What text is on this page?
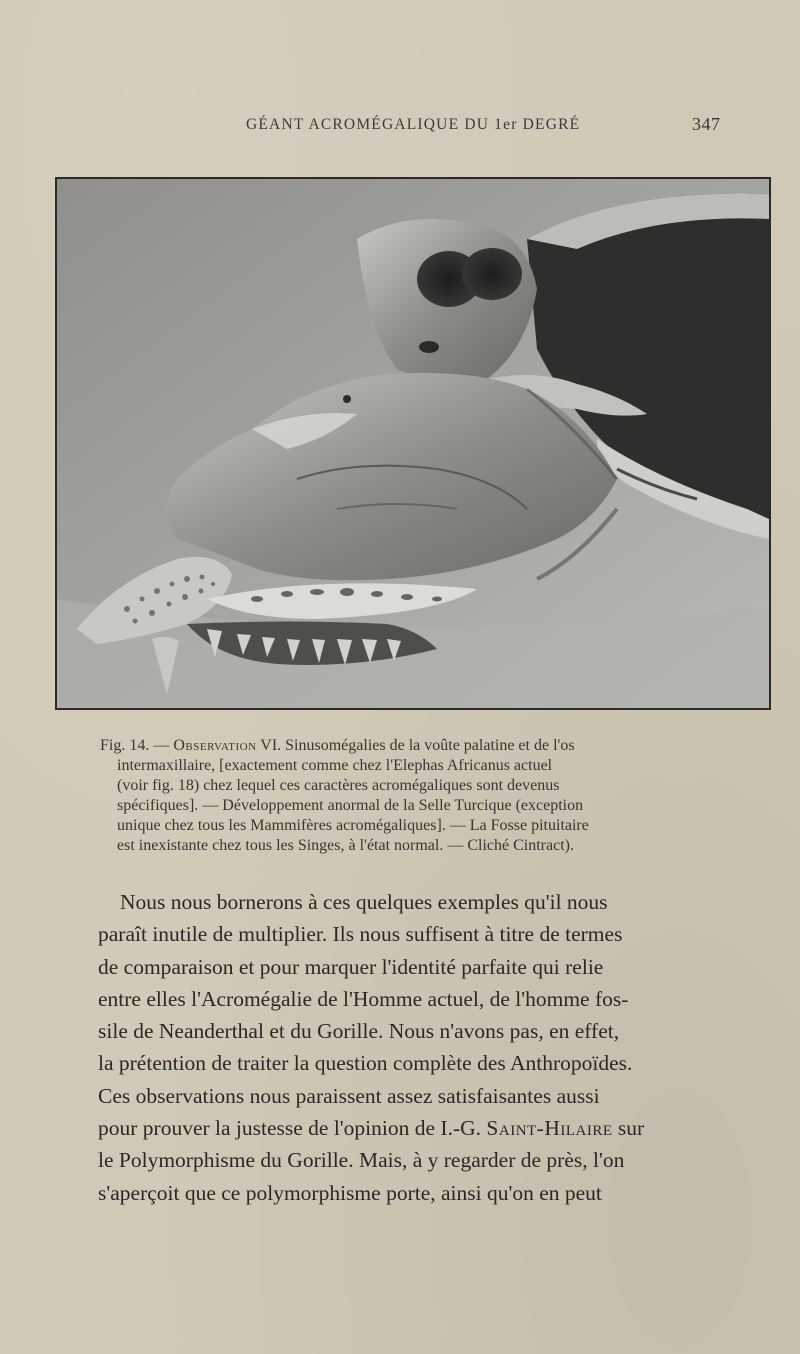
GÉANT ACROMÉGALIQUE DU 1er DEGRÉ	347
Fig. 14. — Observation VI. Sinusomégalies de la voûte palatine et de l'os
intermaxillaire, [exactement comme chez l'Elephas Africanus actuel
(voir fig. 18) chez lequel ces caractères acromégaliques sont devenus
spécifiques]. — Développement anormal de la Selle Turcique (exception
unique chez tous les Mammifères acromégaliques]. — La Fosse pituitaire
est inexistante chez tous les Singes, à l'état normal. — Cliché Cintract).
Nous nous bornerons à ces quelques exemples qu'il nous
paraît inutile de multiplier. Ils nous suffisent à titre de termes
de comparaison et pour marquer l'identité parfaite qui relie
entre elles l'Acromégalie de l'Homme actuel, de l'homme fos-
sile de Neanderthal et du Gorille. Nous n'avons pas, en effet,
la prétention de traiter la question complète des Anthropoïdes.
Ces observations nous paraissent assez satisfaisantes aussi
pour prouver la justesse de l'opinion de I.-G. Saint-Hilaire sur
le Polymorphisme du Gorille. Mais, à y regarder de près, l'on
s'aperçoit que ce polymorphisme porte, ainsi qu'on en peut
